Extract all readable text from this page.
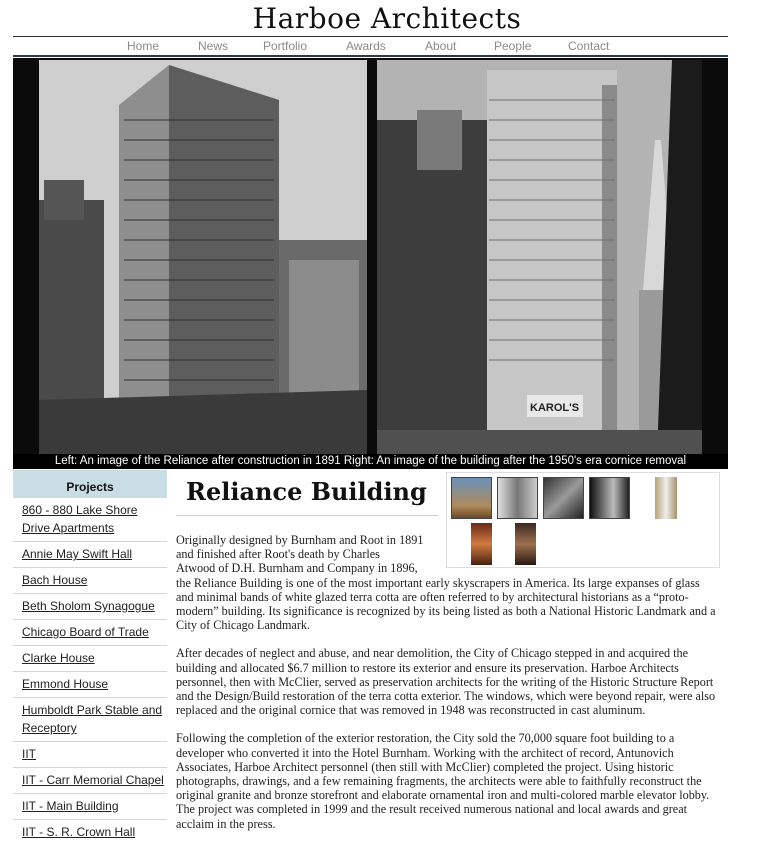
Harboe Architects
Home	News	Portfolio	Awards	About	People	Contact
KAROL'S
Left: An image of the Reliance after construction in 1891 Right: An image of the building after the 1950's era cornice removal
Projects
860 - 880 Lake Shore Drive Apartments
Annie May Swift Hall
Bach House
Beth Sholom Synagogue
Chicago Board of Trade
Clarke House
Emmond House
Humboldt Park Stable and Receptory
IIT
IIT - Carr Memorial Chapel
IIT - Main Building
IIT - S. R. Crown Hall
Reliance Building

Originally designed by Burnham and Root in 1891
and finished after Root's death by Charles
Atwood of D.H. Burnham and Company in 1896,
the Reliance Building is one of the most important early skyscrapers in America. Its large expanses of glass and minimal bands of white glazed terra cotta are often referred to by architectural historians as a “proto-modern” building. Its significance is recognized by its being listed as both a National Historic Landmark and a City of Chicago Landmark.

After decades of neglect and abuse, and near demolition, the City of Chicago stepped in and acquired the building and allocated $6.7 million to restore its exterior and ensure its preservation. Harboe Architects personnel, then with McClier, served as preservation architects for the writing of the Historic Structure Report and the Design/Build restoration of the terra cotta exterior. The windows, which were beyond repair, were also replaced and the original cornice that was removed in 1948 was reconstructed in cast aluminum.

Following the completion of the exterior restoration, the City sold the 70,000 square foot building to a developer who converted it into the Hotel Burnham. Working with the architect of record, Antunovich Associates, Harboe Architect personnel (then still with McClier) completed the project. Using historic photographs, drawings, and a few remaining fragments, the architects were able to faithfully reconstruct the original granite and bronze storefront and elaborate ornamental iron and multi-colored marble elevator lobby. The project was completed in 1999 and the result received numerous national and local awards and great acclaim in the press.
